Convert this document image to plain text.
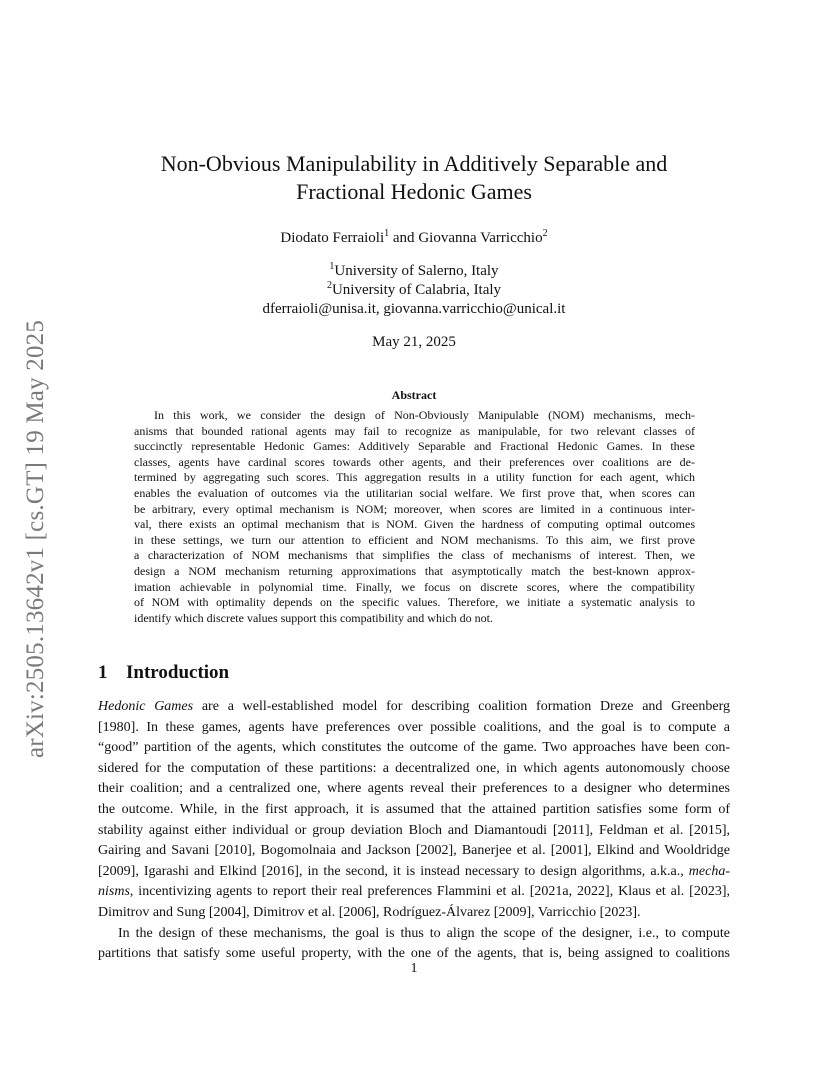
arXiv:2505.13642v1 [cs.GT] 19 May 2025
Non-Obvious Manipulability in Additively Separable and
Fractional Hedonic Games
Diodato Ferraioli$^1$ and Giovanna Varricchio$^2$
$^1$University of Salerno, Italy
$^2$University of Calabria, Italy
dferraioli@unisa.it, giovanna.varricchio@unical.it
May 21, 2025
Abstract
In this work, we consider the design of Non-Obviously Manipulable (NOM) mechanisms, mech-
anisms that bounded rational agents may fail to recognize as manipulable, for two relevant classes of
succinctly representable Hedonic Games: Additively Separable and Fractional Hedonic Games. In these
classes, agents have cardinal scores towards other agents, and their preferences over coalitions are de-
termined by aggregating such scores. This aggregation results in a utility function for each agent, which
enables the evaluation of outcomes via the utilitarian social welfare. We first prove that, when scores can
be arbitrary, every optimal mechanism is NOM; moreover, when scores are limited in a continuous inter-
val, there exists an optimal mechanism that is NOM. Given the hardness of computing optimal outcomes
in these settings, we turn our attention to efficient and NOM mechanisms. To this aim, we first prove
a characterization of NOM mechanisms that simplifies the class of mechanisms of interest. Then, we
design a NOM mechanism returning approximations that asymptotically match the best-known approx-
imation achievable in polynomial time. Finally, we focus on discrete scores, where the compatibility
of NOM with optimality depends on the specific values. Therefore, we initiate a systematic analysis to
identify which discrete values support this compatibility and which do not.
1 Introduction
Hedonic Games are a well-established model for describing coalition formation Dreze and Greenberg
[1980]. In these games, agents have preferences over possible coalitions, and the goal is to compute a
“good” partition of the agents, which constitutes the outcome of the game. Two approaches have been con-
sidered for the computation of these partitions: a decentralized one, in which agents autonomously choose
their coalition; and a centralized one, where agents reveal their preferences to a designer who determines
the outcome. While, in the first approach, it is assumed that the attained partition satisfies some form of
stability against either individual or group deviation Bloch and Diamantoudi [2011], Feldman et al. [2015],
Gairing and Savani [2010], Bogomolnaia and Jackson [2002], Banerjee et al. [2001], Elkind and Wooldridge
[2009], Igarashi and Elkind [2016], in the second, it is instead necessary to design algorithms, a.k.a., mecha-
nisms, incentivizing agents to report their real preferences Flammini et al. [2021a, 2022], Klaus et al. [2023],
Dimitrov and Sung [2004], Dimitrov et al. [2006], Rodríguez-Álvarez [2009], Varricchio [2023].
In the design of these mechanisms, the goal is thus to align the scope of the designer, i.e., to compute
partitions that satisfy some useful property, with the one of the agents, that is, being assigned to coalitions
1
